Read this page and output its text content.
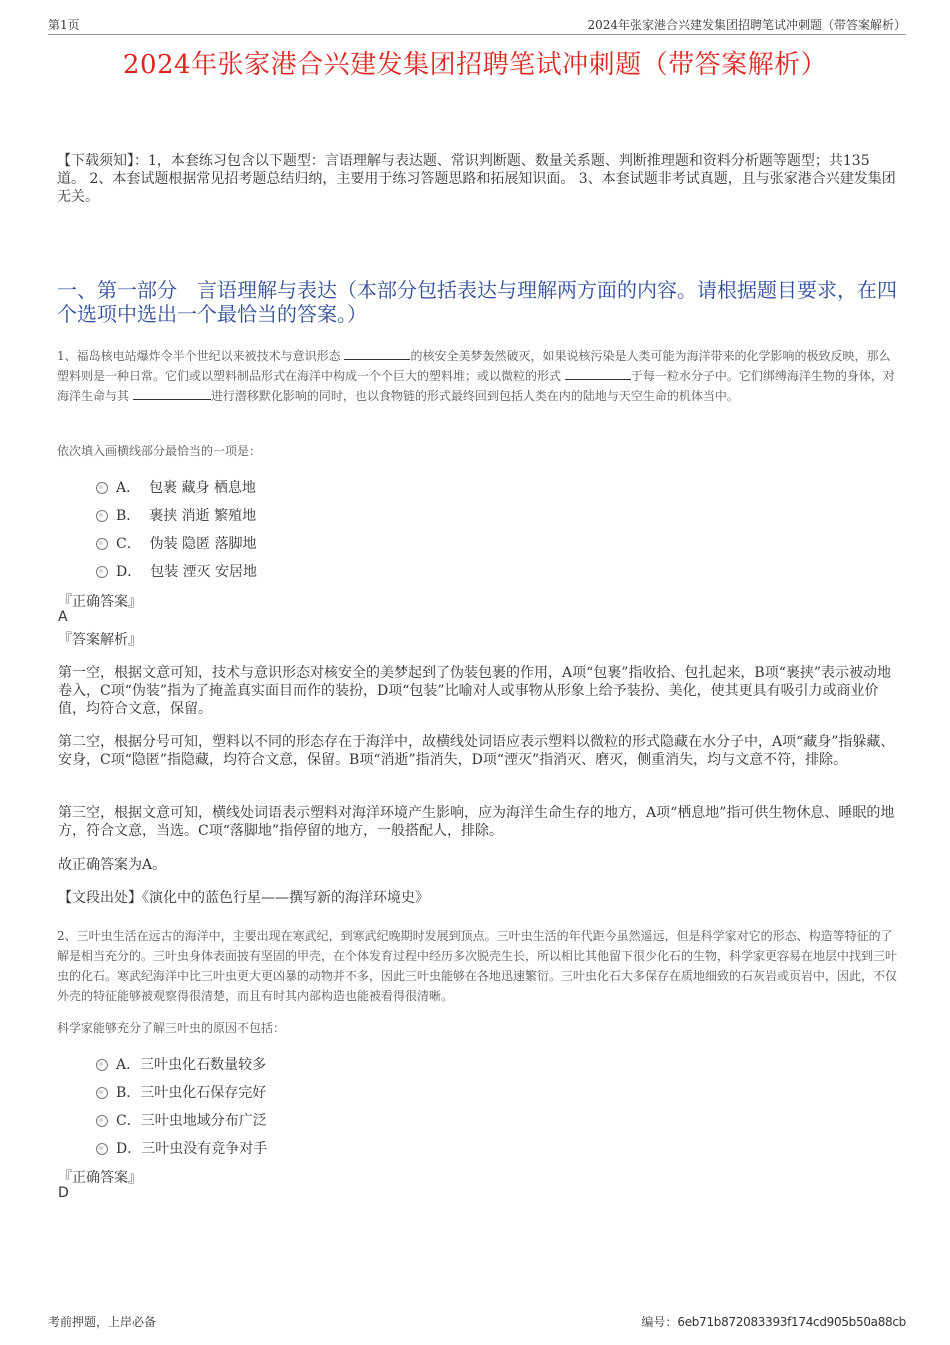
第1页	2024年张家港合兴建发集团招聘笔试冲刺题（带答案解析）
2024年张家港合兴建发集团招聘笔试冲刺题（带答案解析）
【下载须知】：1，本套练习包含以下题型：言语理解与表达题、常识判断题、数量关系题、判断推理题和资料分析题等题型；共135道。 2、本套试题根据常见招考题总结归纳，主要用于练习答题思路和拓展知识面。 3、本套试题非考试真题，且与张家港合兴建发集团无关。
一、第一部分　言语理解与表达（本部分包括表达与理解两方面的内容。请根据题目要求，在四个选项中选出一个最恰当的答案。）
1、福岛核电站爆炸令半个世纪以来被技术与意识形态	的核安全美梦轰然破灭，如果说核污染是人类可能为海洋带来的化学影响的极致反映，那么塑料则是一种日常。它们或以塑料制品形式在海洋中构成一个个巨大的塑料堆；或以微粒的形式	于每一粒水分子中。它们绑缚海洋生物的身体，对海洋生命与其	进行潜移默化影响的同时，也以食物链的形式最终回到包括人类在内的陆地与天空生命的机体当中。
依次填入画横线部分最恰当的一项是：
A．  包裹 藏身 栖息地
B．  裹挟 消逝 繁殖地
C．  伪装 隐匿 落脚地
D．  包装 湮灭 安居地
『正确答案』
A
『答案解析』
第一空，根据文意可知，技术与意识形态对核安全的美梦起到了伪装包裹的作用，A项“包裹”指收拾、包扎起来，B项“裹挟”表示被动地卷入，C项“伪装”指为了掩盖真实面目而作的装扮，D项“包装”比喻对人或事物从形象上给予装扮、美化，使其更具有吸引力或商业价值，均符合文意，保留。
第二空，根据分号可知，塑料以不同的形态存在于海洋中，故横线处词语应表示塑料以微粒的形式隐藏在水分子中，A项“藏身”指躲藏、安身，C项“隐匿”指隐藏，均符合文意，保留。B项“消逝”指消失，D项“湮灭”指消灭、磨灭，侧重消失，均与文意不符，排除。
第三空，根据文意可知，横线处词语表示塑料对海洋环境产生影响，应为海洋生命生存的地方，A项“栖息地”指可供生物休息、睡眠的地方，符合文意，当选。C项“落脚地”指停留的地方，一般搭配人，排除。
故正确答案为A。
【文段出处】《演化中的蓝色行星——撰写新的海洋环境史》
2、三叶虫生活在远古的海洋中，主要出现在寒武纪，到寒武纪晚期时发展到顶点。三叶虫生活的年代距今虽然遥远，但是科学家对它的形态、构造等特征的了解是相当充分的。三叶虫身体表面披有坚固的甲壳，在个体发育过程中经历多次脱壳生长，所以相比其他留下很少化石的生物，科学家更容易在地层中找到三叶虫的化石。寒武纪海洋中比三叶虫更大更凶暴的动物并不多，因此三叶虫能够在各地迅速繁衍。三叶虫化石大多保存在质地细致的石灰岩或页岩中，因此，不仅外壳的特征能够被观察得很清楚，而且有时其内部构造也能被看得很清晰。
科学家能够充分了解三叶虫的原因不包括：
A．三叶虫化石数量较多
B．三叶虫化石保存完好
C．三叶虫地域分布广泛
D．三叶虫没有竞争对手
『正确答案』
D
考前押题，上岸必备	编号：6eb71b872083393f174cd905b50a88cb
